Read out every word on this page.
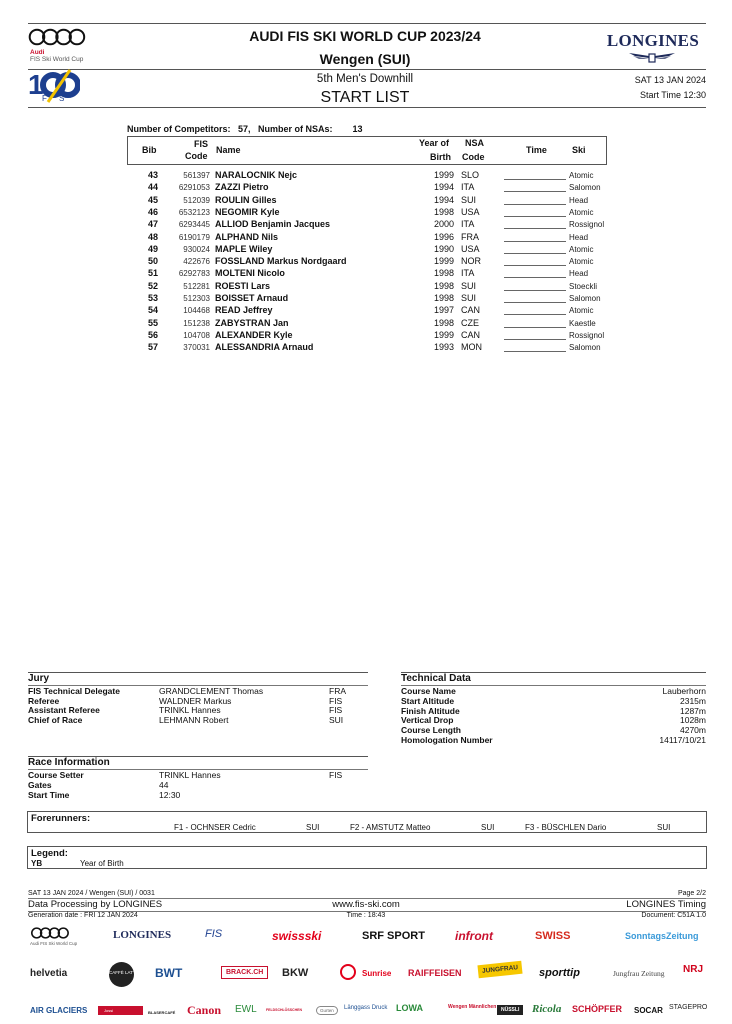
Audi
FIS Ski World Cup
AUDI FIS SKI WORLD CUP 2023/24
Wengen (SUI)
LONGINES
1
F S
5th Men's Downhill
START LIST
SAT 13 JAN 2024
Start Time 12:30
Number of Competitors:   57,   Number of NSAs:        13
Bib
FIS
Code
Name
Year of
Birth
NSA
Code
Time	Ski
43	561397 NARALOCNIK Nejc	1999 SLO	Atomic
44	6291053 ZAZZI Pietro	1994 ITA	Salomon
45	512039 ROULIN Gilles	1994 SUI	Head
46	6532123 NEGOMIR Kyle	1998 USA	Atomic
47	6293445 ALLIOD Benjamin Jacques	2000 ITA	Rossignol
48	6190179 ALPHAND Nils	1996 FRA	Head
49	930024 MAPLE Wiley	1990 USA	Atomic
50	422676 FOSSLAND Markus Nordgaard	1999 NOR	Atomic
51	6292783 MOLTENI Nicolo	1998 ITA	Head
52	512281 ROESTI Lars	1998 SUI	Stoeckli
53	512303 BOISSET Arnaud	1998 SUI	Salomon
54	104468 READ Jeffrey	1997 CAN	Atomic
55	151238 ZABYSTRAN Jan	1998 CZE	Kaestle
56	104708 ALEXANDER Kyle	1999 CAN	Rossignol
57	370031 ALESSANDRIA Arnaud	1993 MON	Salomon
Jury
FIS Technical Delegate	GRANDCLEMENT Thomas	FRA
Referee	WALDNER Markus	FIS
Assistant Referee	TRINKL Hannes	FIS
Chief of Race	LEHMANN Robert	SUI
Technical Data
Course Name	Lauberhorn
Start Altitude	2315m
Finish Altitude	1287m
Vertical Drop	1028m
Course Length	4270m
Homologation Number	14117/10/21
Race Information
Course Setter	TRINKL Hannes	FIS
Gates	44
Start Time	12:30
Forerunners:
F1 - OCHNSER Cedric	SUI	F2 - AMSTUTZ Matteo	SUI	F3 - BÜSCHLEN Dario	SUI
Legend:
YB	Year of Birth
SAT 13 JAN 2024 / Wengen (SUI) / 0031	Page 2/2
Data Processing by LONGINES	www.fis-ski.com	LONGINES Timing
Generation date : FRI 12 JAN 2024	Time : 18:43	Document: C51A 1.0
Audi FIS Ski World Cup
LONGINES	FIS	swissski	SRF SPORT	infront	SWISS	SonntagsZeitung
helvetia	CAFFÈ LATTE BWT	BRACK.CH	BKW	Sunrise RAIFFEISEN	JUNGFRAU	sporttip	Jungfrau Zeitung NRJ
AIR GLACIERS	Jossi	BLASERCAFÉ Canon EWL	FELDSCHLÖSSCHEN	Gurten	Länggass Druck LOWA	Wengen Männlichen NÜSSLI	Ricola SCHÖPFER SOCAR STAGEPRO
